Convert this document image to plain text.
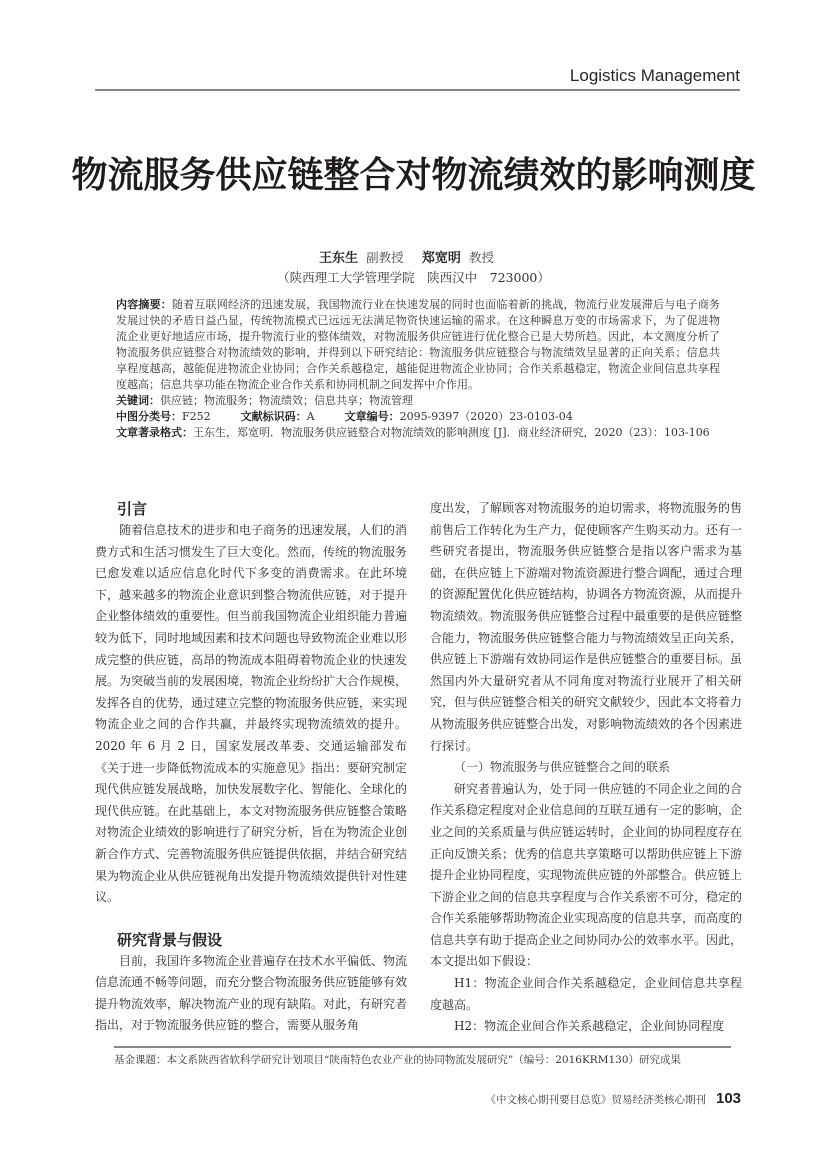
Logistics Management
物流服务供应链整合对物流绩效的影响测度
王东生 副教授 郑宽明 教授
（陕西理工大学管理学院　陕西汉中　723000）
内容摘要：随着互联网经济的迅速发展，我国物流行业在快速发展的同时也面临着新的挑战，物流行业发展滞后与电子商务发展过快的矛盾日益凸显，传统物流模式已远远无法满足物资快速运输的需求。在这种瞬息万变的市场需求下，为了促进物流企业更好地适应市场，提升物流行业的整体绩效，对物流服务供应链进行优化整合已是大势所趋。因此，本文测度分析了物流服务供应链整合对物流绩效的影响，并得到以下研究结论：物流服务供应链整合与物流绩效呈显著的正向关系；信息共享程度越高，越能促进物流企业协同；合作关系越稳定，越能促进物流企业协同；合作关系越稳定，物流企业间信息共享程度越高；信息共享功能在物流企业合作关系和协同机制之间发挥中介作用。
关键词：供应链；物流服务；物流绩效；信息共享；物流管理
中图分类号：F252	文献标识码：A	文章编号：2095-9397（2020）23-0103-04
文章著录格式：王东生，郑宽明．物流服务供应链整合对物流绩效的影响测度 [J]．商业经济研究，2020（23）：103-106
引言

随着信息技术的进步和电子商务的迅速发展，人们的消费方式和生活习惯发生了巨大变化。然而，传统的物流服务已愈发难以适应信息化时代下多变的消费需求。在此环境下，越来越多的物流企业意识到整合物流供应链，对于提升企业整体绩效的重要性。但当前我国物流企业组织能力普遍较为低下，同时地域因素和技术问题也导致物流企业难以形成完整的供应链，高昂的物流成本阻碍着物流企业的快速发展。为突破当前的发展困境，物流企业纷纷扩大合作规模，发挥各自的优势，通过建立完整的物流服务供应链，来实现物流企业之间的合作共赢，并最终实现物流绩效的提升。2020 年 6 月 2 日，国家发展改革委、交通运输部发布《关于进一步降低物流成本的实施意见》指出：要研究制定现代供应链发展战略，加快发展数字化、智能化、全球化的现代供应链。在此基础上，本文对物流服务供应链整合策略对物流企业绩效的影响进行了研究分析，旨在为物流企业创新合作方式、完善物流服务供应链提供依据，并结合研究结果为物流企业从供应链视角出发提升物流绩效提供针对性建议。

研究背景与假设

目前，我国许多物流企业普遍存在技术水平偏低、物流信息流通不畅等问题，而充分整合物流服务供应链能够有效提升物流效率，解决物流产业的现有缺陷。对此，有研究者指出，对于物流服务供应链的整合，需要从服务角

度出发，了解顾客对物流服务的迫切需求，将物流服务的售前售后工作转化为生产力，促使顾客产生购买动力。还有一些研究者提出，物流服务供应链整合是指以客户需求为基础，在供应链上下游端对物流资源进行整合调配，通过合理的资源配置优化供应链结构，协调各方物流资源，从而提升物流绩效。物流服务供应链整合过程中最重要的是供应链整合能力，物流服务供应链整合能力与物流绩效呈正向关系，供应链上下游端有效协同运作是供应链整合的重要目标。虽然国内外大量研究者从不同角度对物流行业展开了相关研究，但与供应链整合相关的研究文献较少，因此本文将着力从物流服务供应链整合出发，对影响物流绩效的各个因素进行探讨。

（一）物流服务与供应链整合之间的联系

研究者普遍认为，处于同一供应链的不同企业之间的合作关系稳定程度对企业信息间的互联互通有一定的影响，企业之间的关系质量与供应链运转时，企业间的协同程度存在正向反馈关系；优秀的信息共享策略可以帮助供应链上下游提升企业协同程度，实现物流供应链的外部整合。供应链上下游企业之间的信息共享程度与合作关系密不可分，稳定的合作关系能够帮助物流企业实现高度的信息共享，而高度的信息共享有助于提高企业之间协同办公的效率水平。因此，本文提出如下假设：

H1：物流企业间合作关系越稳定，企业间信息共享程度越高。

H2：物流企业间合作关系越稳定，企业间协同程度

基金课题：本文系陕西省软科学研究计划项目“陕南特色农业产业的协同物流发展研究”（编号：2016KRM130）研究成果
《中文核心期刊要目总览》贸易经济类核心期刊 103
